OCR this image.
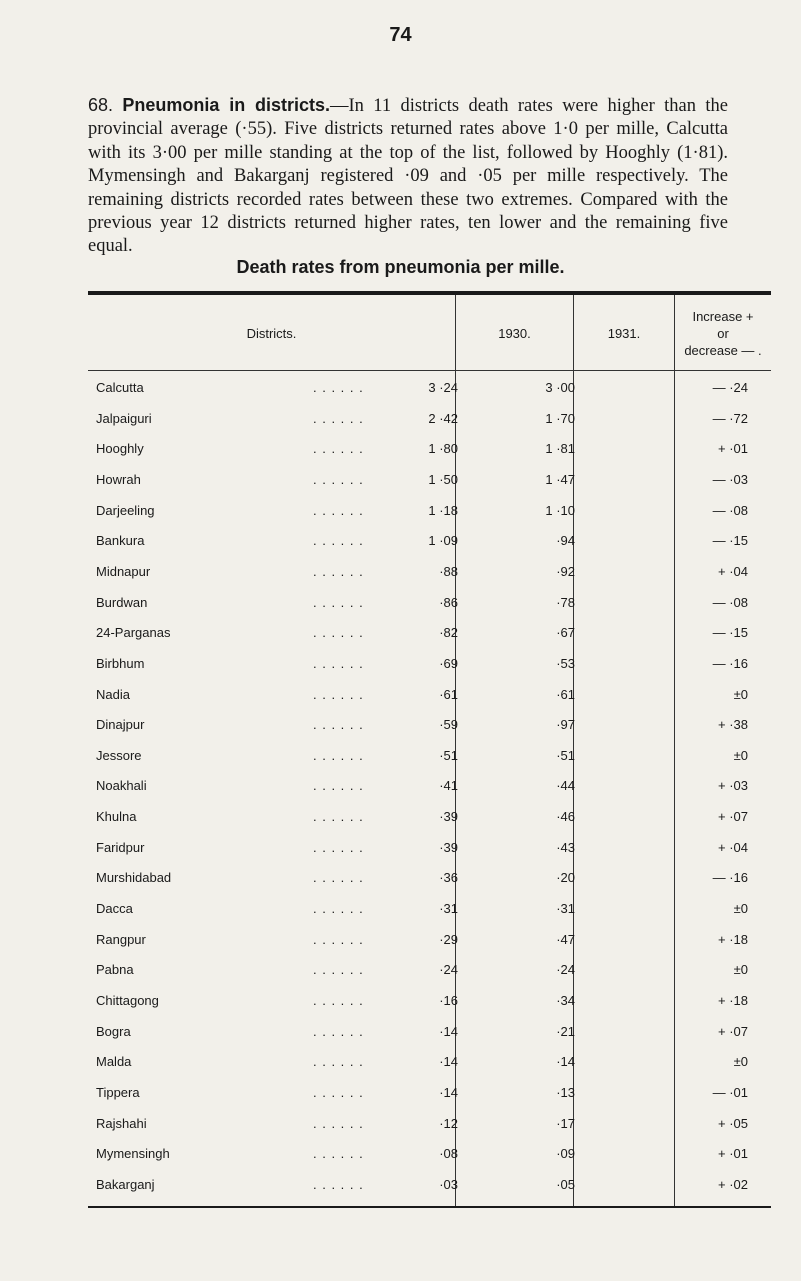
74

68. Pneumonia in districts.—In 11 districts death rates were higher than the provincial average (·55). Five districts returned rates above 1·0 per mille, Calcutta with its 3·00 per mille standing at the top of the list, followed by Hooghly (1·81). Mymensingh and Bakarganj registered ·09 and ·05 per mille respectively. The remaining districts recorded rates between these two extremes. Compared with the previous year 12 districts returned higher rates, ten lower and the remaining five equal.

Death rates from pneumonia per mille.
Districts.	1930.	1931.
Increase +
or
decrease — .
Calcutta	. . . . . .	3 ·24	3 ·00	— ·24
Jalpaiguri	. . . . . .	2 ·42	1 ·70	— ·72
Hooghly	. . . . . .	1 ·80	1 ·81	+ ·01
Howrah	. . . . . .	1 ·50	1 ·47	— ·03
Darjeeling	. . . . . .	1 ·18	1 ·10	— ·08
Bankura	. . . . . .	1 ·09	·94	— ·15
Midnapur	. . . . . .	·88	·92	+ ·04
Burdwan	. . . . . .	·86	·78	— ·08
24-Parganas	. . . . . .	·82	·67	— ·15
Birbhum	. . . . . .	·69	·53	— ·16
Nadia	. . . . . .	·61	·61	±0
Dinajpur	. . . . . .	·59	·97	+ ·38
Jessore	. . . . . .	·51	·51	±0
Noakhali	. . . . . .	·41	·44	+ ·03
Khulna	. . . . . .	·39	·46	+ ·07
Faridpur	. . . . . .	·39	·43	+ ·04
Murshidabad	. . . . . .	·36	·20	— ·16
Dacca	. . . . . .	·31	·31	±0
Rangpur	. . . . . .	·29	·47	+ ·18
Pabna	. . . . . .	·24	·24	±0
Chittagong	. . . . . .	·16	·34	+ ·18
Bogra	. . . . . .	·14	·21	+ ·07
Malda	. . . . . .	·14	·14	±0
Tippera	. . . . . .	·14	·13	— ·01
Rajshahi	. . . . . .	·12	·17	+ ·05
Mymensingh	. . . . . .	·08	·09	+ ·01
Bakarganj	. . . . . .	·03	·05	+ ·02
